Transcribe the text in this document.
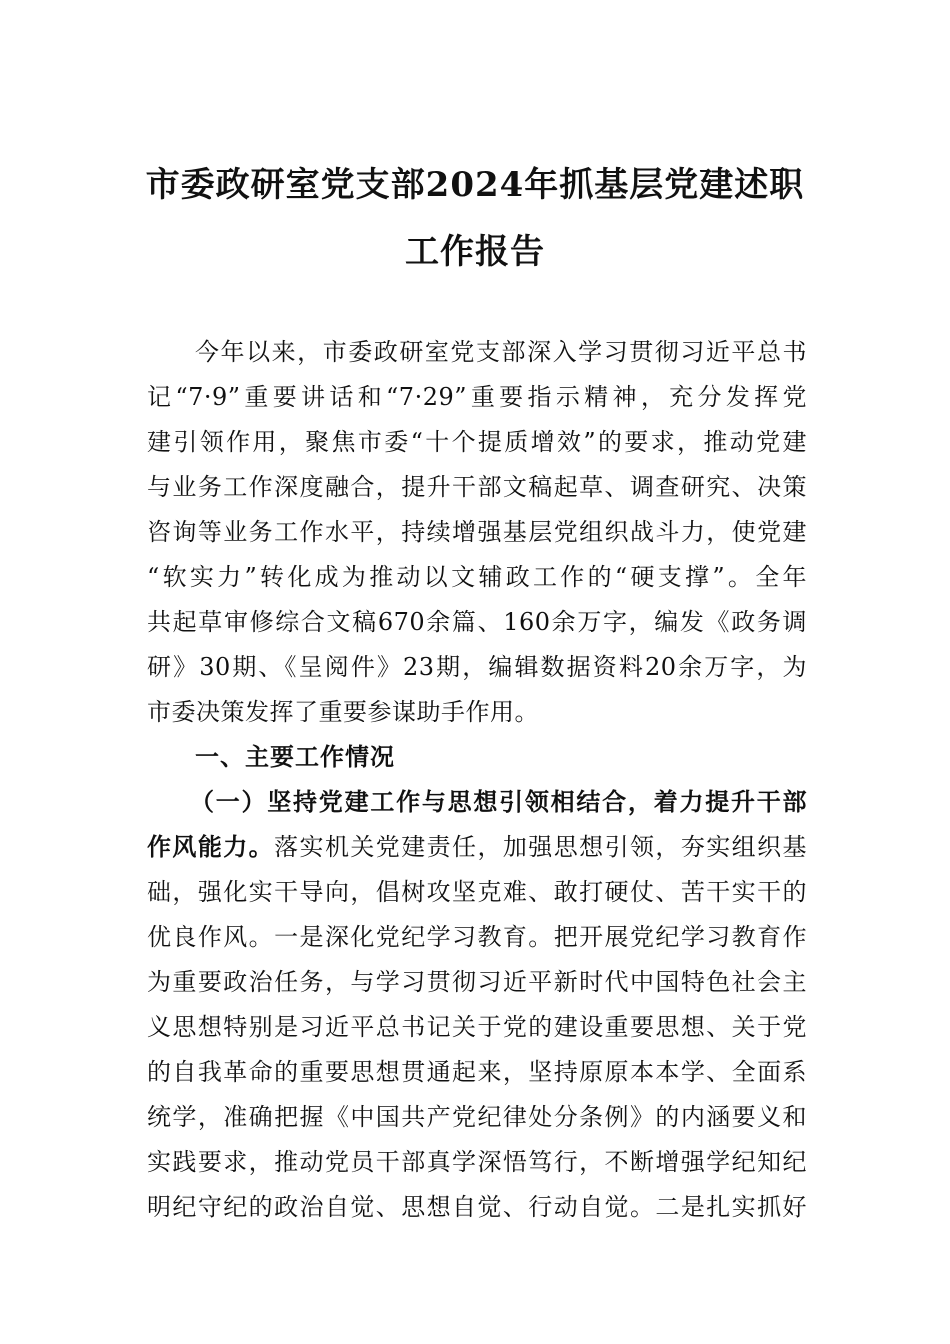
市委政研室党支部2024年抓基层党建述职
工作报告
今年以来，市委政研室党支部深入学习贯彻习近平总书
记“7·9”重要讲话和“7·29”重要指示精神，充分发挥党
建引领作用，聚焦市委“十个提质增效”的要求，推动党建
与业务工作深度融合，提升干部文稿起草、调查研究、决策
咨询等业务工作水平，持续增强基层党组织战斗力，使党建
“软实力”转化成为推动以文辅政工作的“硬支撑”。全年
共起草审修综合文稿670余篇、160余万字，编发《政务调
研》30期、《呈阅件》23期，编辑数据资料20余万字，为
市委决策发挥了重要参谋助手作用。
一、主要工作情况
（一）坚持党建工作与思想引领相结合，着力提升干部
作风能力。落实机关党建责任，加强思想引领，夯实组织基
础，强化实干导向，倡树攻坚克难、敢打硬仗、苦干实干的
优良作风。一是深化党纪学习教育。把开展党纪学习教育作
为重要政治任务，与学习贯彻习近平新时代中国特色社会主
义思想特别是习近平总书记关于党的建设重要思想、关于党
的自我革命的重要思想贯通起来，坚持原原本本学、全面系
统学，准确把握《中国共产党纪律处分条例》的内涵要义和
实践要求，推动党员干部真学深悟笃行，不断增强学纪知纪
明纪守纪的政治自觉、思想自觉、行动自觉。二是扎实抓好
